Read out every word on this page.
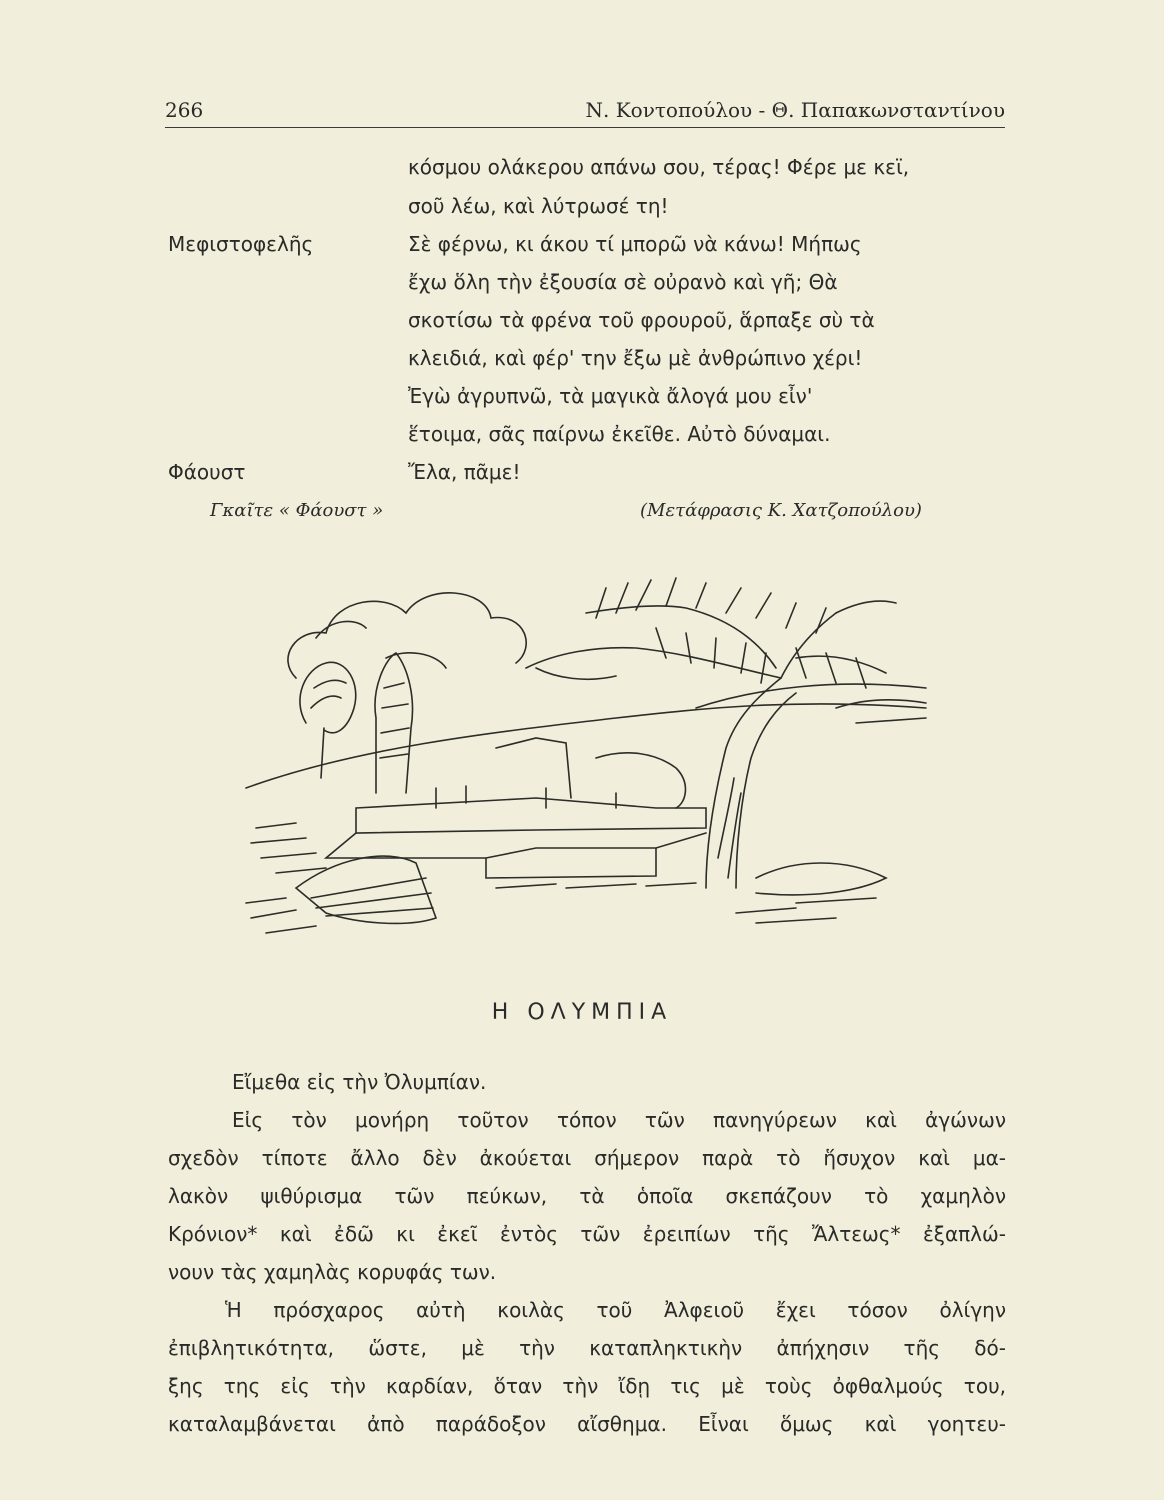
266	Ν. Κοντοπούλου - Θ. Παπακωνσταντίνου
κόσμου ολάκερου απάνω σου, τέρας! Φέρε με κεϊ,
σοῦ λέω, καὶ λύτρωσέ τη!
Μεφιστοφελῆς	Σὲ φέρνω, κι άκου τί μπορῶ νὰ κάνω! Μήπως
ἔχω ὅλη τὴν ἐξουσία σὲ οὐρανὸ καὶ γῆ; Θὰ
σκοτίσω τὰ φρένα τοῦ φρουροῦ, ἅρπαξε σὺ τὰ
κλειδιά, καὶ φέρ' την ἔξω μὲ ἀνθρώπινο χέρι!
Ἐγὼ ἀγρυπνῶ, τὰ μαγικὰ ἄλογά μου εἶν'
ἕτοιμα, σᾶς παίρνω ἐκεῖθε. Αὐτὸ δύναμαι.
Φάουστ	Ἔλα, πᾶμε!
Γκαῖτε « Φάουστ »	(Μετάφρασις Κ. Χατζοπούλου)
Η ΟΛΥΜΠΙΑ
Εἴμεθα εἰς τὴν Ὀλυμπίαν.
Εἰς τὸν μονήρη τοῦτον τόπον τῶν πανηγύρεων καὶ ἀγώνων
σχεδὸν τίποτε ἄλλο δὲν ἀκούεται σήμερον παρὰ τὸ ἥσυχον καὶ μα-
λακὸν ψιθύρισμα τῶν πεύκων, τὰ ὁποῖα σκεπάζουν τὸ χαμηλὸν
Κρόνιον* καὶ ἐδῶ κι ἐκεῖ ἐντὸς τῶν ἐρειπίων τῆς Ἄλτεως* ἐξαπλώ-
νουν τὰς χαμηλὰς κορυφάς των.
Ἡ πρόσχαρος αὐτὴ κοιλὰς τοῦ Ἀλφειοῦ ἔχει τόσον ὀλίγην
ἐπιβλητικότητα, ὥστε, μὲ τὴν καταπληκτικὴν ἀπήχησιν τῆς δό-
ξης της εἰς τὴν καρδίαν, ὅταν τὴν ἴδῃ τις μὲ τοὺς ὀφθαλμούς του,
καταλαμβάνεται ἀπὸ παράδοξον αἴσθημα. Εἶναι ὅμως καὶ γοητευ-
